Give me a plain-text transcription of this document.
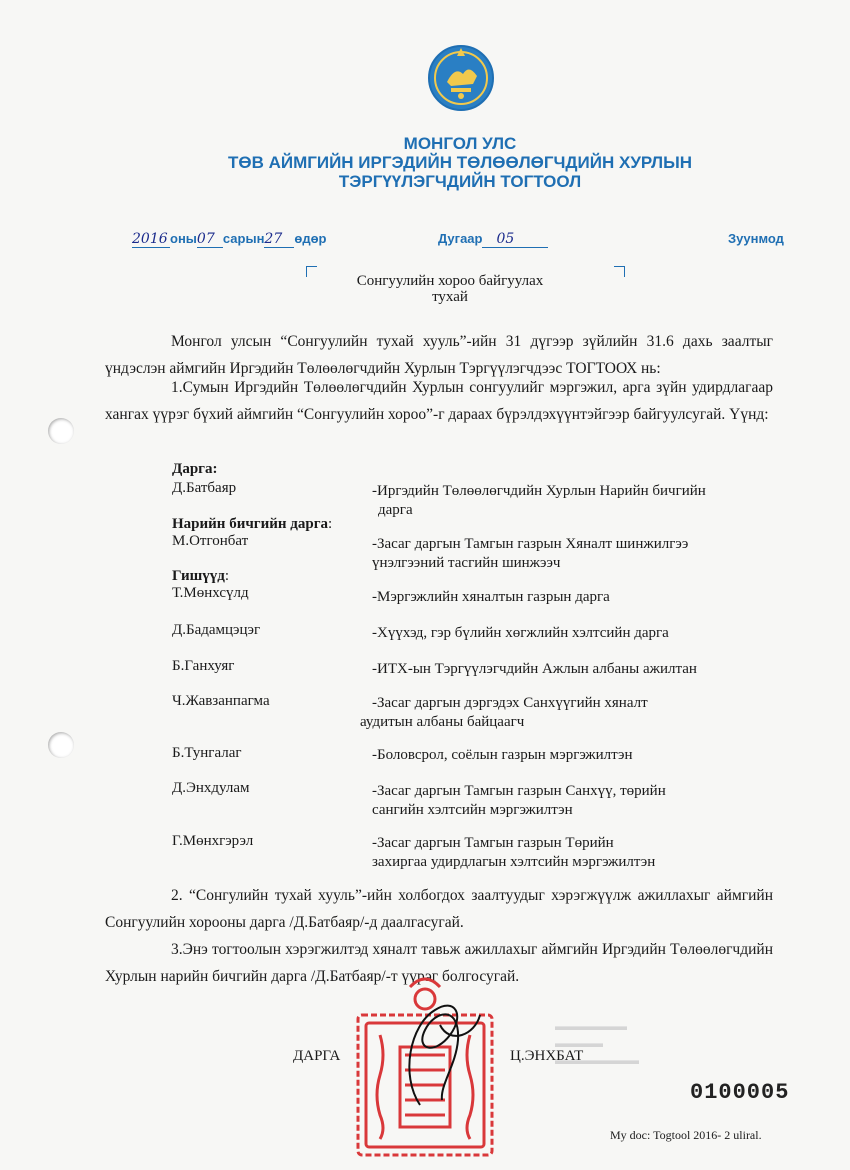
МОНГОЛ УЛС
ТӨВ АЙМГИЙН ИРГЭДИЙН ТӨЛӨӨЛӨГЧДИЙН ХУРЛЫН
ТЭРГҮҮЛЭГЧДИЙН ТОГТООЛ
2016 оны07 сарын27 өдөр	Дугаар 05	Зуунмод
Сонгуулийн хороо байгуулах
тухай
Монгол улсын “Сонгуулийн тухай хууль”-ийн 31 дүгээр зүйлийн 31.6 дахь заалтыг үндэслэн аймгийн Иргэдийн Төлөөлөгчдийн Хурлын Тэргүүлэгчдээс ТОГТООХ нь:
1.Сумын Иргэдийн Төлөөлөгчдийн Хурлын сонгуулийг мэргэжил, арга зүйн удирдлагаар хангах үүрэг бүхий аймгийн “Сонгуулийн хороо”-г дараах бүрэлдэхүүнтэйгээр байгуулсугай. Үүнд:
Дарга:
Д.Батбаяр	-Иргэдийн Төлөөлөгчдийн Хурлын Нарийн бичгийн
дарга
Нарийн бичгийн дарга:
М.Отгонбат	-Засаг даргын Тамгын газрын Хяналт шинжилгээ
үнэлгээний тасгийн шинжээч
Гишүүд:
Т.Мөнхсүлд	-Мэргэжлийн хяналтын газрын дарга
Д.Бадамцэцэг	-Хүүхэд, гэр бүлийн хөгжлийн хэлтсийн дарга
Б.Ганхуяг	-ИТХ-ын Тэргүүлэгчдийн Ажлын албаны ажилтан
Ч.Жавзанпагма	-Засаг даргын дэргэдэх Санхүүгийн хяналт
аудитын албаны байцаагч
Б.Тунгалаг	-Боловсрол, соёлын газрын мэргэжилтэн
Д.Энхдулам	-Засаг даргын Тамгын газрын Санхүү, төрийн
сангийн хэлтсийн мэргэжилтэн
Г.Мөнхгэрэл	-Засаг даргын Тамгын газрын Төрийн
захиргаа удирдлагын хэлтсийн мэргэжилтэн
2. “Сонгулийн тухай хууль”-ийн холбогдох заалтуудыг хэрэгжүүлж ажиллахыг аймгийн Сонгуулийн хорооны дарга /Д.Батбаяр/-д даалгасугай.
3.Энэ тогтоолын хэрэгжилтэд хяналт тавьж ажиллахыг аймгийн Иргэдийн Төлөөлөгчдийн Хурлын нарийн бичгийн дарга /Д.Батбаяр/-т үүрэг болгосугай.
▬▬▬▬▬▬
▬▬▬▬
▬▬▬▬▬▬▬
ДАРГА	Ц.ЭНХБАТ
0100005
My doc: Togtool 2016- 2 uliral.
